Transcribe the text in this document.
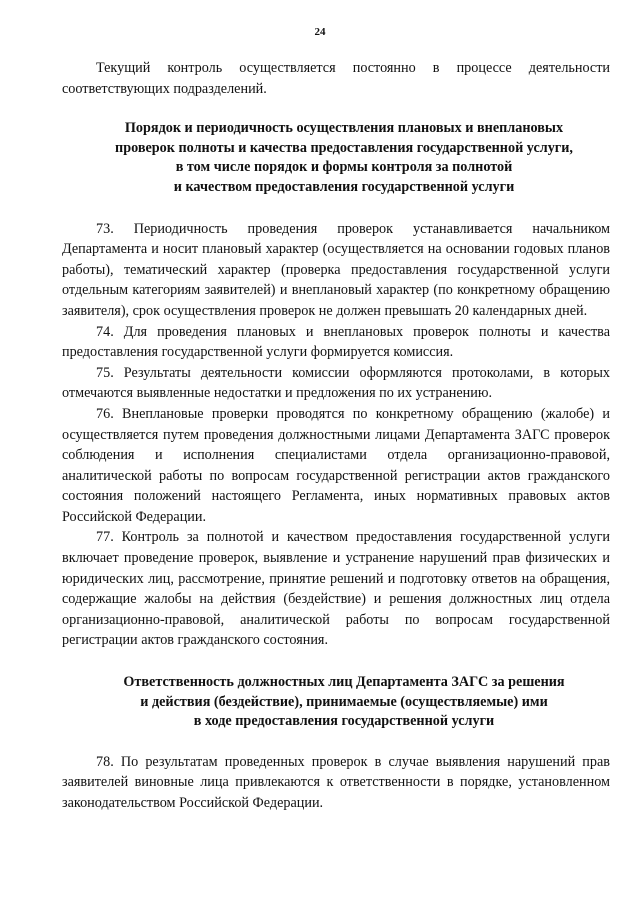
24

Текущий контроль осуществляется постоянно в процессе деятельности соответствующих подразделений.

Порядок и периодичность осуществления плановых и внеплановых
проверок полноты и качества предоставления государственной услуги,
в том числе порядок и формы контроля за полнотой
и качеством предоставления государственной услуги

73. Периодичность проведения проверок устанавливается начальником Департамента и носит плановый характер (осуществляется на основании годовых планов работы), тематический характер (проверка предоставления государственной услуги отдельным категориям заявителей) и внеплановый характер (по конкретному обращению заявителя), срок осуществления проверок не должен превышать 20 календарных дней.

74. Для проведения плановых и внеплановых проверок полноты и качества предоставления государственной услуги формируется комиссия.

75. Результаты деятельности комиссии оформляются протоколами, в которых отмечаются выявленные недостатки и предложения по их устранению.

76. Внеплановые проверки проводятся по конкретному обращению (жалобе) и осуществляется путем проведения должностными лицами Департамента ЗАГС проверок соблюдения и исполнения специалистами отдела организационно-правовой, аналитической работы по вопросам государственной регистрации актов гражданского состояния положений настоящего Регламента, иных нормативных правовых актов Российской Федерации.

77. Контроль за полнотой и качеством предоставления государственной услуги включает проведение проверок, выявление и устранение нарушений прав физических и юридических лиц, рассмотрение, принятие решений и подготовку ответов на обращения, содержащие жалобы на действия (бездействие) и решения должностных лиц отдела организационно-правовой, аналитической работы по вопросам государственной регистрации актов гражданского состояния.

Ответственность должностных лиц Департамента ЗАГС за решения
и действия (бездействие), принимаемые (осуществляемые) ими
в ходе предоставления государственной услуги

78. По результатам проведенных проверок в случае выявления нарушений прав заявителей виновные лица привлекаются к ответственности в порядке, установленном законодательством Российской Федерации.
